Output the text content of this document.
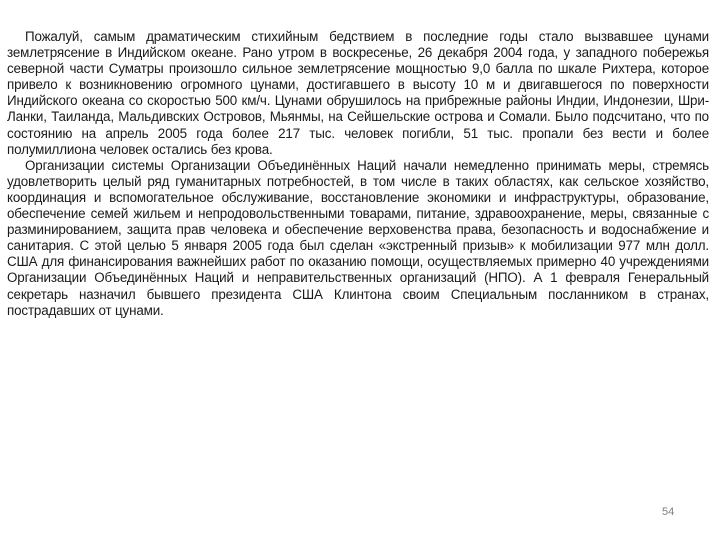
Пожалуй, самым драматическим стихийным бедствием в последние годы стало вызвавшее цунами землетрясение в Индийском океане. Рано утром в воскресенье, 26 декабря 2004 года, у западного побережья северной части Суматры произошло сильное землетрясение мощностью 9,0 балла по шкале Рихтера, которое привело к возникновению огромного цунами, достигавшего в высоту 10 м и двигавшегося по поверхности Индийского океана со скоростью 500 км/ч. Цунами обрушилось на прибрежные районы Индии, Индонезии, Шри-Ланки, Таиланда, Мальдивских Островов, Мьянмы, на Сейшельские острова и Сомали. Было подсчитано, что по состоянию на апрель 2005 года более 217 тыс. человек погибли, 51 тыс. пропали без вести и более полумиллиона человек остались без крова.

Организации системы Организации Объединённых Наций начали немедленно принимать меры, стремясь удовлетворить целый ряд гуманитарных потребностей, в том числе в таких областях, как сельское хозяйство, координация и вспомогательное обслуживание, восстановление экономики и инфраструктуры, образование, обеспечение семей жильем и непродовольственными товарами, питание, здравоохранение, меры, связанные с разминированием, защита прав человека и обеспечение верховенства права, безопасность и водоснабжение и санитария. С этой целью 5 января 2005 года был сделан «экстренный призыв» к мобилизации 977 млн долл. США для финансирования важнейших работ по оказанию помощи, осуществляемых примерно 40 учреждениями Организации Объединённых Наций и неправительственных организаций (НПО). А 1 февраля Генеральный секретарь назначил бывшего президента США Клинтона своим Специальным посланником в странах, пострадавших от цунами.

54
